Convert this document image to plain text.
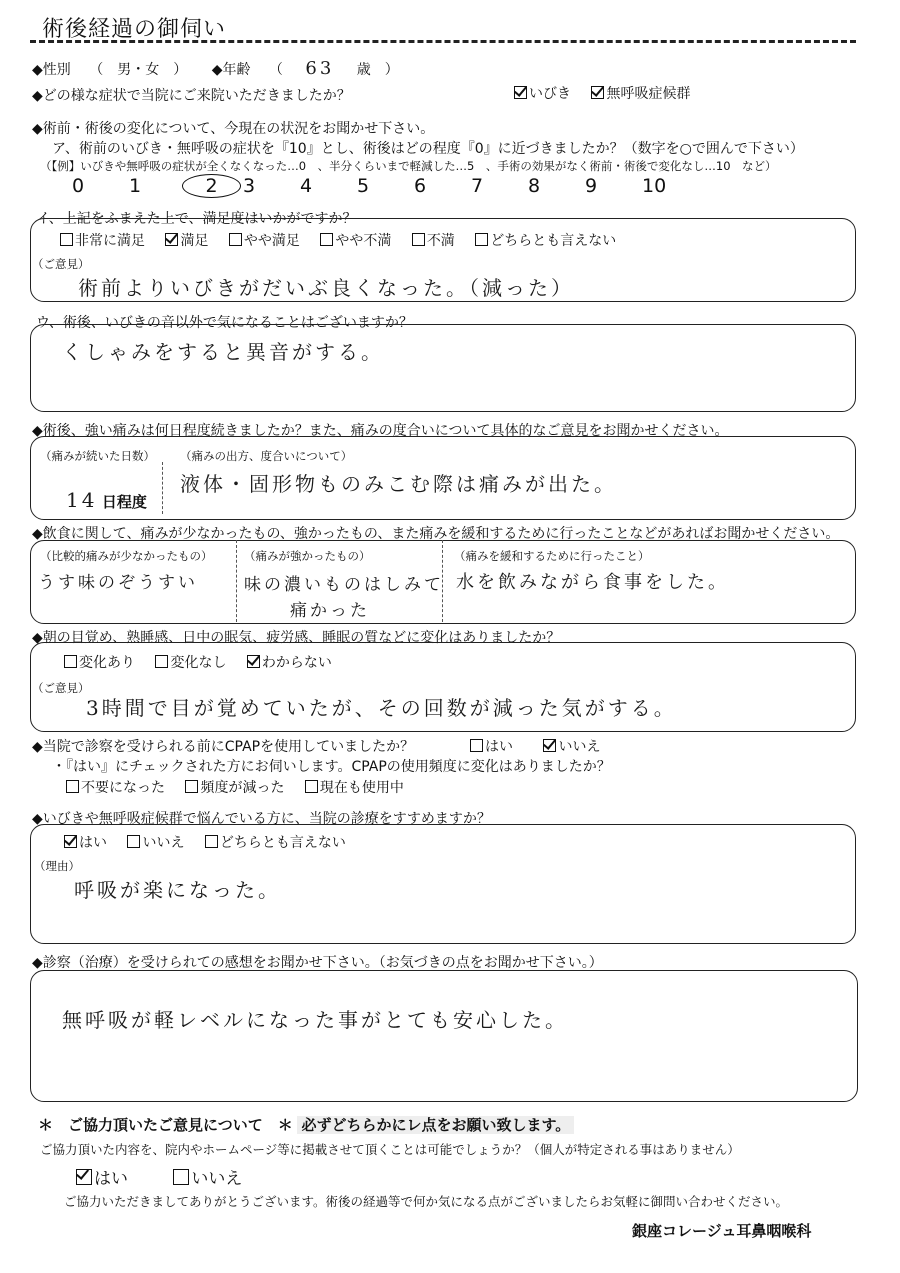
術後経過の御伺い
◆性別 （　男・女　） ◆年齢 （ 63 歳　）
◆どの様な症状で当院にご来院いただきましたか？	いびき	無呼吸症候群
◆術前・術後の変化について、今現在の状況をお聞かせ下さい。
ア、術前のいびき・無呼吸の症状を『10』とし、術後はどの程度『0』に近づきましたか？（数字を○で囲んで下さい）
（【例】いびきや無呼吸の症状が全くなくなった…0　、半分くらいまで軽減した…5　、手術の効果がなく術前・術後で変化なし…10　など）
0 1	2 3 4 5 6 7 8 9 10
イ、上記をふまえた上で、満足度はいかがですか？
非常に満足	満足	やや満足	やや不満	不満	どちらとも言えない
（ご意見）
術前よりいびきがだいぶ良くなった。（減った）
ウ、術後、いびきの音以外で気になることはございますか？
くしゃみをすると異音がする。
◆術後、強い痛みは何日程度続きましたか？また、痛みの度合いについて具体的なご意見をお聞かせください。
（痛みが続いた日数）
14 日程度
（痛みの出方、度合いについて）
液体・固形物ものみこむ際は痛みが出た。
◆飲食に関して、痛みが少なかったもの、強かったもの、また痛みを緩和するために行ったことなどがあればお聞かせください。
（比較的痛みが少なかったもの）
うす味のぞうすい
（痛みが強かったもの）
味の濃いものはしみて
痛かった
（痛みを緩和するために行ったこと）
水を飲みながら食事をした。
◆朝の目覚め、熟睡感、日中の眠気、疲労感、睡眠の質などに変化はありましたか？
変化あり	変化なし	わからない
（ご意見）
3時間で目が覚めていたが、その回数が減った気がする。
◆当院で診察を受けられる前にCPAPを使用していましたか？	はい	いいえ
・『はい』にチェックされた方にお伺いします。CPAPの使用頻度に変化はありましたか？
不要になった	頻度が減った	現在も使用中
◆いびきや無呼吸症候群で悩んでいる方に、当院の診療をすすめますか？
はい	いいえ	どちらとも言えない
（理由）
呼吸が楽になった。
◆診察（治療）を受けられての感想をお聞かせ下さい。（お気づきの点をお聞かせ下さい。）
無呼吸が軽レベルになった事がとても安心した。
＊　ご協力頂いたご意見について　＊ 必ずどちらかにレ点をお願い致します。
ご協力頂いた内容を、院内やホームページ等に掲載させて頂くことは可能でしょうか？（個人が特定される事はありません）
はい	いいえ
ご協力いただきましてありがとうございます。術後の経過等で何か気になる点がございましたらお気軽に御問い合わせください。
銀座コレージュ耳鼻咽喉科
